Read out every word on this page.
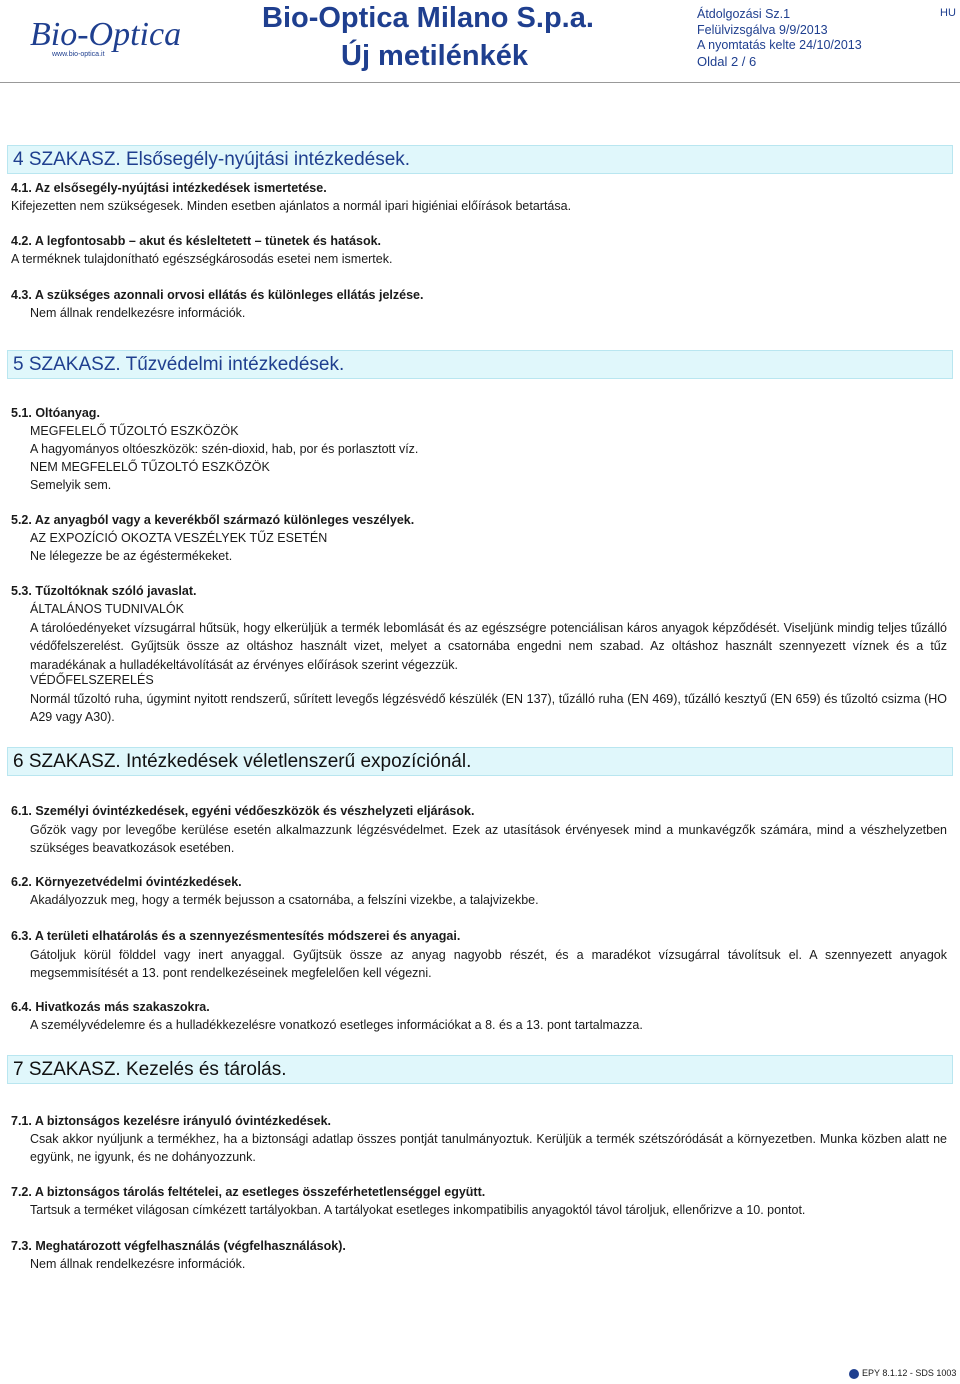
Bio-Optica
www.bio-optica.it
Bio-Optica Milano S.p.a.
Új metilénkék
Átdolgozási Sz.1
Felülvizsgálva 9/9/2013
A nyomtatás kelte 24/10/2013
Oldal 2 / 6
HU
4 SZAKASZ. Elsősegély-nyújtási intézkedések.
4.1. Az elsősegély-nyújtási intézkedések ismertetése.
Kifejezetten nem szükségesek. Minden esetben ajánlatos a normál ipari higiéniai előírások betartása.
4.2. A legfontosabb – akut és késleltetett – tünetek és hatások.
A terméknek tulajdonítható egészségkárosodás esetei nem ismertek.
4.3. A szükséges azonnali orvosi ellátás és különleges ellátás jelzése.
Nem állnak rendelkezésre információk.
5 SZAKASZ. Tűzvédelmi intézkedések.
5.1. Oltóanyag.
MEGFELELŐ TŰZOLTÓ ESZKÖZÖK
A hagyományos oltóeszközök: szén-dioxid, hab, por és porlasztott víz.
NEM MEGFELELŐ TŰZOLTÓ ESZKÖZÖK
Semelyik sem.
5.2. Az anyagból vagy a keverékből származó különleges veszélyek.
AZ EXPOZÍCIÓ OKOZTA VESZÉLYEK TŰZ ESETÉN
Ne lélegezze be az égéstermékeket.
5.3. Tűzoltóknak szóló javaslat.
ÁLTALÁNOS TUDNIVALÓK
A tárolóedényeket vízsugárral hűtsük, hogy elkerüljük a termék lebomlását és az egészségre potenciálisan káros anyagok képződését. Viseljünk mindig teljes tűzálló védőfelszerelést. Gyűjtsük össze az oltáshoz használt vizet, melyet a csatornába engedni nem szabad. Az oltáshoz használt szennyezett víznek és a tűz maradékának a hulladékeltávolítását az érvényes előírások szerint végezzük.
VÉDŐFELSZERELÉS
Normál tűzoltó ruha, úgymint nyitott rendszerű, sűrített levegős légzésvédő készülék (EN 137), tűzálló ruha (EN 469), tűzálló kesztyű (EN 659) és tűzoltó csizma (HO A29 vagy A30).
6 SZAKASZ. Intézkedések véletlenszerű expozíciónál.
6.1. Személyi óvintézkedések, egyéni védőeszközök és vészhelyzeti eljárások.
Gőzök vagy por levegőbe kerülése esetén alkalmazzunk légzésvédelmet. Ezek az utasítások érvényesek mind a munkavégzők számára, mind a vészhelyzetben szükséges beavatkozások esetében.
6.2. Környezetvédelmi óvintézkedések.
Akadályozzuk meg, hogy a termék bejusson a csatornába, a felszíni vizekbe, a talajvizekbe.
6.3. A területi elhatárolás és a szennyezésmentesítés módszerei és anyagai.
Gátoljuk körül földdel vagy inert anyaggal. Gyűjtsük össze az anyag nagyobb részét, és a maradékot vízsugárral távolítsuk el. A szennyezett anyagok megsemmisítését a 13. pont rendelkezéseinek megfelelően kell végezni.
6.4. Hivatkozás más szakaszokra.
A személyvédelemre és a hulladékkezelésre vonatkozó esetleges információkat a 8. és a 13. pont tartalmazza.
7 SZAKASZ. Kezelés és tárolás.
7.1. A biztonságos kezelésre irányuló óvintézkedések.
Csak akkor nyúljunk a termékhez, ha a biztonsági adatlap összes pontját tanulmányoztuk. Kerüljük a termék szétszóródását a környezetben. Munka közben alatt ne együnk, ne igyunk, és ne dohányozzunk.
7.2. A biztonságos tárolás feltételei, az esetleges összeférhetetlenséggel együtt.
Tartsuk a terméket világosan címkézett tartályokban. A tartályokat esetleges inkompatibilis anyagoktól távol tároljuk, ellenőrizve a 10. pontot.
7.3. Meghatározott végfelhasználás (végfelhasználások).
Nem állnak rendelkezésre információk.
EPY 8.1.12 - SDS 1003
